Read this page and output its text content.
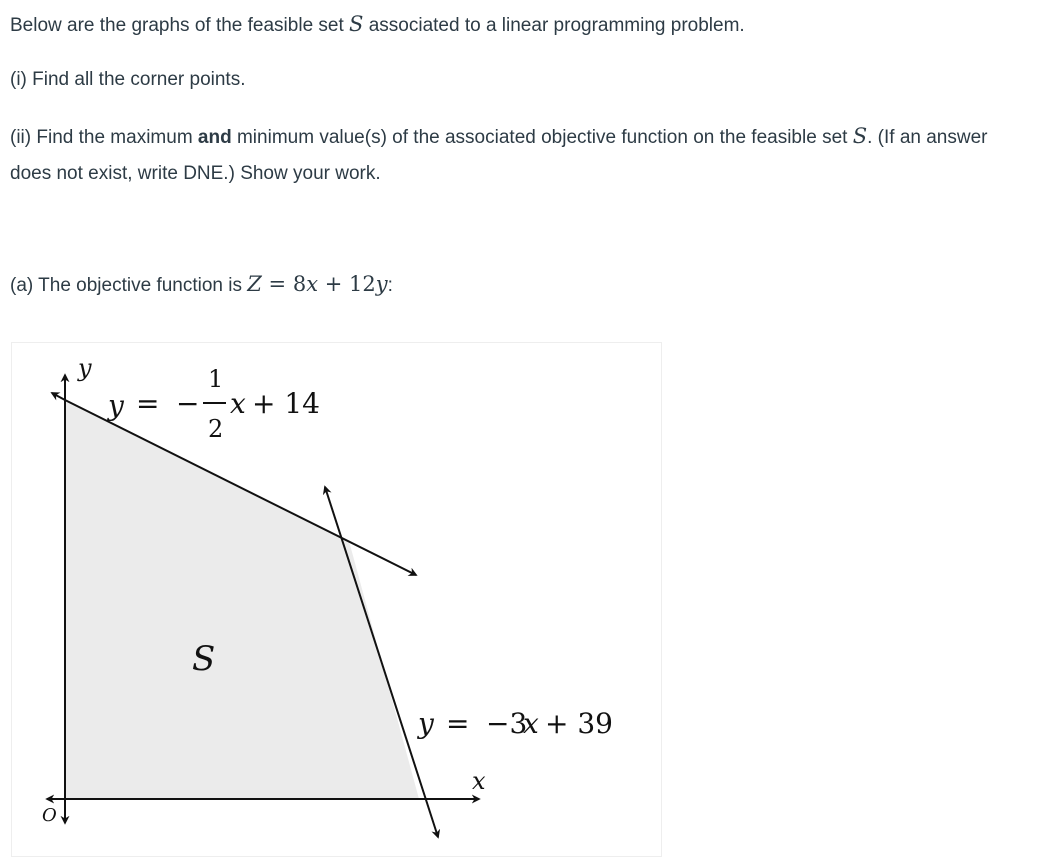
Below are the graphs of the feasible set S associated to a linear programming problem.

(i) Find all the corner points.

(ii) Find the maximum and minimum value(s) of the associated objective function on the feasible set S. (If an answer does not exist, write DNE.) Show your work.

(a) The objective function is Z = 8x + 12y:

y
x
O
S
y = −
1
2
x + 14
y = −3
x + 39
